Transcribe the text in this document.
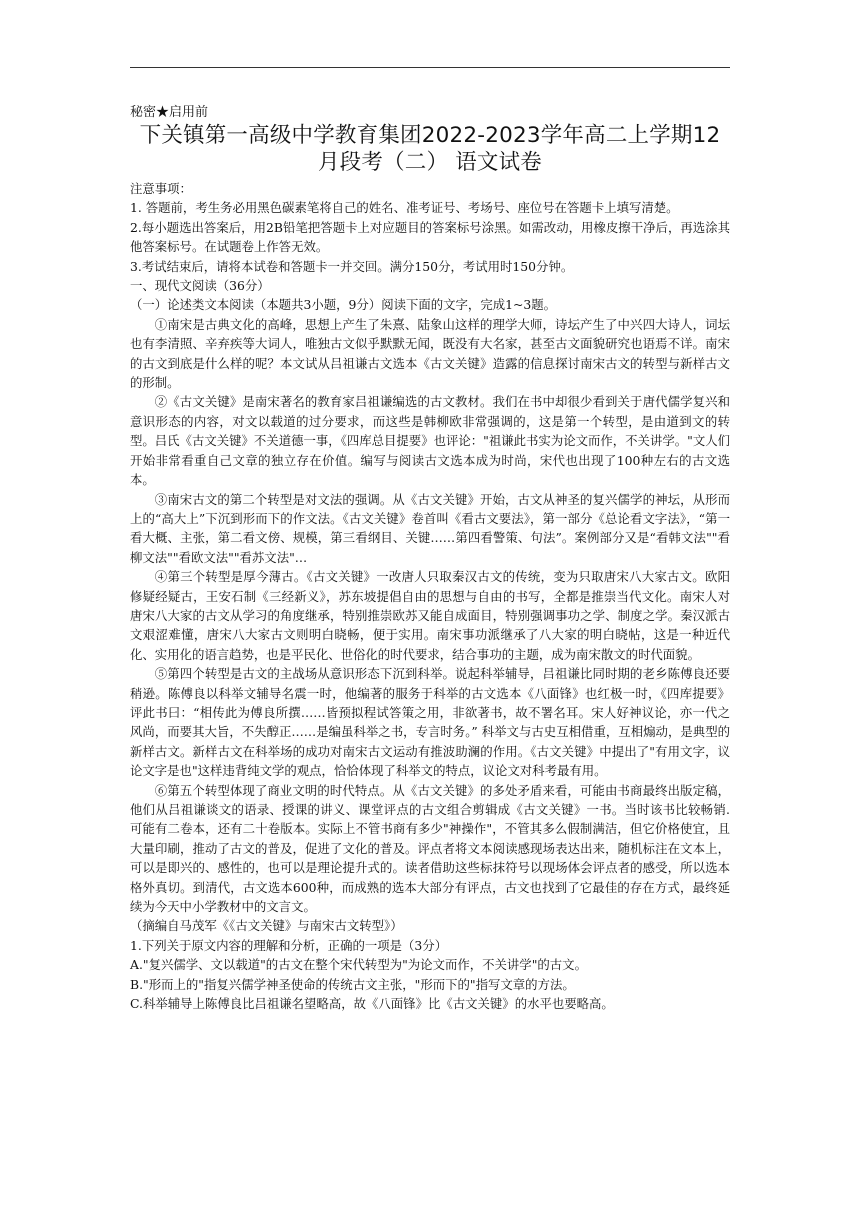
秘密★启用前
下关镇第一高级中学教育集团2022-2023学年高二上学期12
月段考（二） 语文试卷

注意事项：

1. 答题前，考生务必用黑色碳素笔将自己的姓名、准考证号、考场号、座位号在答题卡上填写清楚。

2.每小题选出答案后，用2B铅笔把答题卡上对应题目的答案标号涂黑。如需改动，用橡皮擦干净后，再选涂其他答案标号。在试题卷上作答无效。

3.考试结束后，请将本试卷和答题卡一并交回。满分150分，考试用时150分钟。

一、现代文阅读（36分）

（一）论述类文本阅读（本题共3小题，9分）阅读下面的文字，完成1~3题。

①南宋是古典文化的高峰，思想上产生了朱熹、陆象山这样的理学大师，诗坛产生了中兴四大诗人，词坛也有李清照、辛弃疾等大词人，唯独古文似乎默默无闻，既没有大名家，甚至古文面貌研究也语焉不详。南宋的古文到底是什么样的呢？本文试从吕祖谦古文选本《古文关键》造露的信息探讨南宋古文的转型与新样古文的形制。

②《古文关键》是南宋著名的教育家吕祖谦编选的古文教材。我们在书中却很少看到关于唐代儒学复兴和意识形态的内容，对文以载道的过分要求，而这些是韩柳欧非常强调的，这是第一个转型，是由道到文的转型。吕氏《古文关键》不关道德一事，《四库总目提要》也评论："祖谦此书实为论文而作，不关讲学。"文人们开始非常看重自己文章的独立存在价值。编写与阅读古文选本成为时尚，宋代也出现了100种左右的古文选本。

③南宋古文的第二个转型是对文法的强调。从《古文关键》开始，古文从神圣的复兴儒学的神坛，从形而上的“高大上”下沉到形而下的作文法。《古文关键》卷首叫《看古文要法》，第一部分《总论看文字法》，“第一看大概、主张，第二看文傍、规模，第三看纲目、关键……第四看警策、句法”。案例部分又是“看韩文法""看柳文法""看欧文法""看苏文法"…

④第三个转型是厚今薄古。《古文关键》一改唐人只取秦汉古文的传统，变为只取唐宋八大家古文。欧阳修疑经疑古，王安石制《三经新义》，苏东坡提倡自由的思想与自由的书写，全都是推崇当代文化。南宋人对唐宋八大家的古文从学习的角度继承，特别推崇欧苏又能自成面目，特别强调事功之学、制度之学。秦汉派古文艰涩难懂，唐宋八大家古文则明白晓畅，便于实用。南宋事功派继承了八大家的明白晓帖，这是一种近代化、实用化的语言趋势，也是平民化、世俗化的时代要求，结合事功的主题，成为南宋散文的时代面貌。

⑤第四个转型是古文的主战场从意识形态下沉到科举。说起科举辅导，吕祖谦比同时期的老乡陈傅良还要稍逊。陈傅良以科举文辅导名震一时，他编著的服务于科举的古文选本《八面锋》也红极一时，《四库提要》评此书曰：“相传此为傅良所撰……皆预拟程试答策之用，非欲著书，故不署名耳。宋人好神议论，亦一代之风尚，而要其大旨，不失醇正……是编虽科举之书，专言时务。” 科举文与古史互相借重，互相煽动，是典型的新样古文。新样古文在科举场的成功对南宋古文运动有推波助澜的作用。《古文关键》中提出了"有用文字，议论文字是也"这样违背纯文学的观点，恰恰体现了科举文的特点，议论文对科考最有用。

⑥第五个转型体现了商业文明的时代特点。从《古文关键》的多处矛盾来看，可能由书商最终出版定稿，他们从吕祖谦谈文的语录、授课的讲义、课堂评点的古文组合剪辑成《古文关键》一书。当时该书比较畅销. 可能有二卷本，还有二十卷版本。实际上不管书商有多少"神操作"，不管其多么假制满洁，但它价格使宜，且大量印刷，推动了古文的普及，促进了文化的普及。评点者将文本阅读感现场表达出来，随机标注在文本上，可以是即兴的、感性的，也可以是理论提升式的。读者借助这些标抹符号以现场体会评点者的感受，所以选本格外真切。到清代，古文选本600种，而成熟的选本大部分有评点，古文也找到了它最佳的存在方式，最终延续为今天中小学教材中的文言文。

（摘编自马茂军《《古文关键》与南宋古文转型》）

1.下列关于原文内容的理解和分析，正确的一项是（3分）

A."复兴儒学、文以载道"的古文在整个宋代转型为"为论文而作，不关讲学"的古文。

B."形而上的"指复兴儒学神圣使命的传统古文主张，"形而下的"指写文章的方法。

C.科举辅导上陈傅良比吕祖谦名望略高，故《八面锋》比《古文关键》的水平也要略高。
